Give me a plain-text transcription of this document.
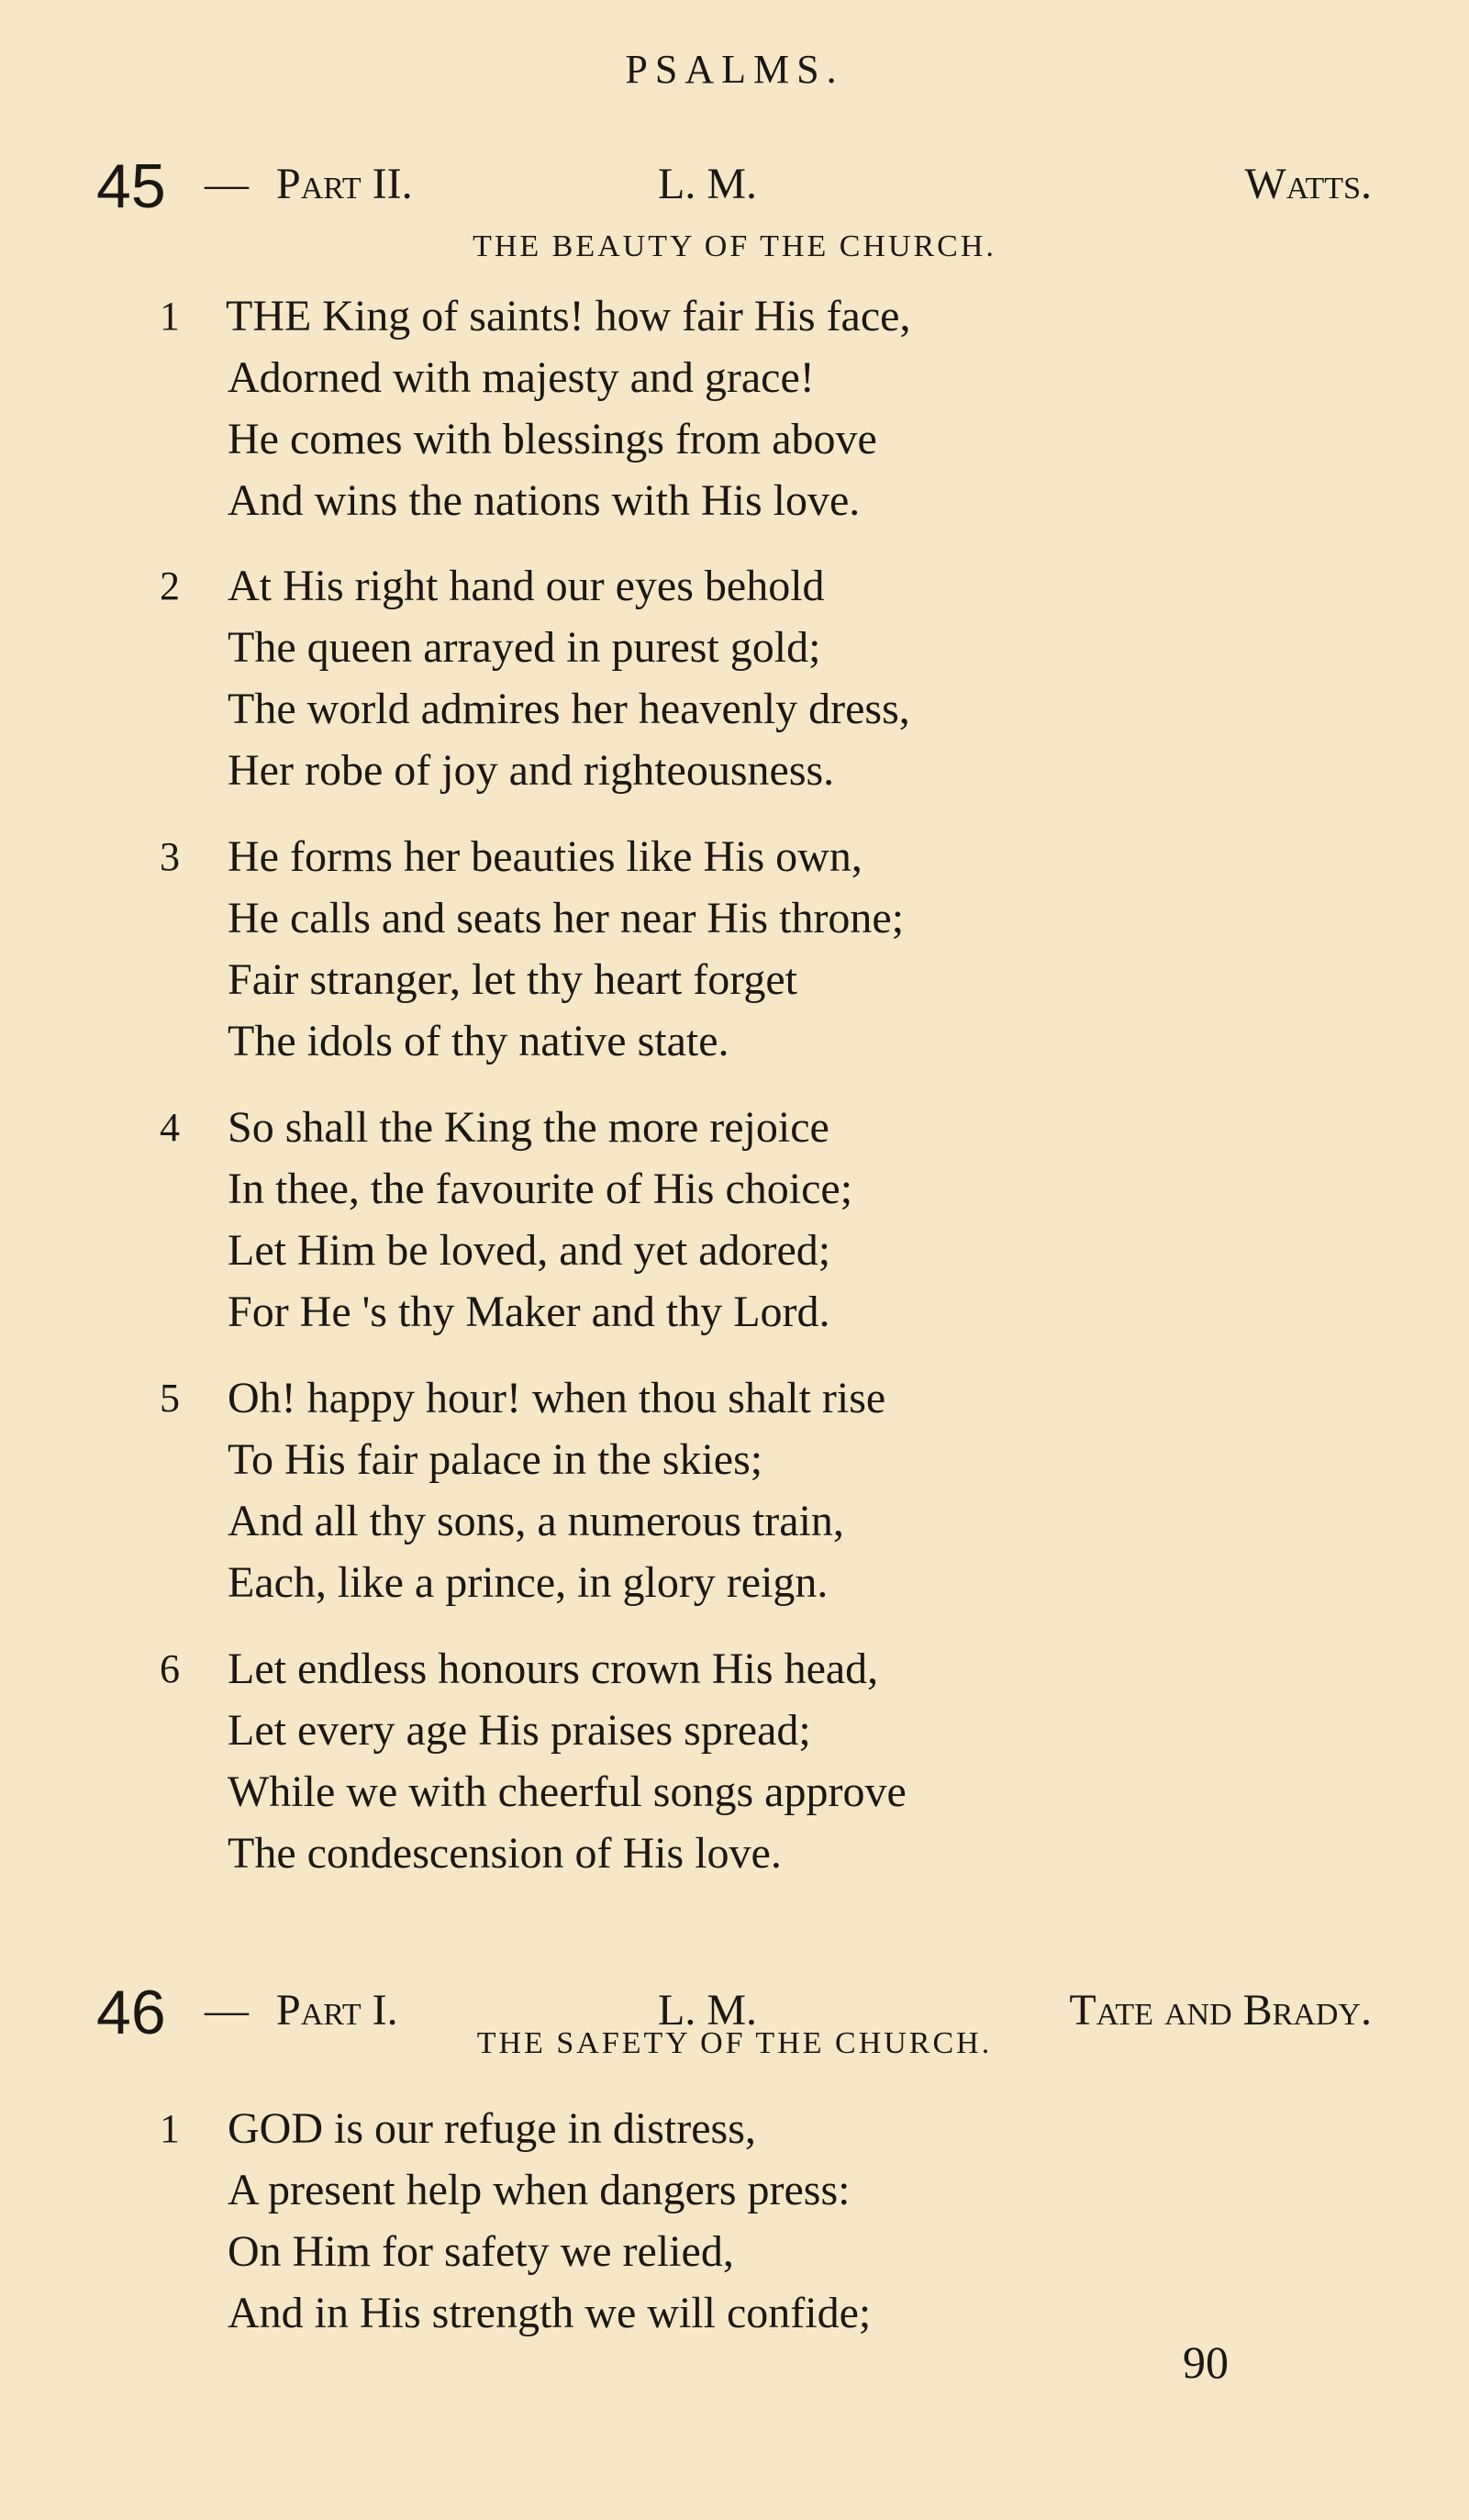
PSALMS.
45 — Part II.	L. M.	Watts.
THE BEAUTY OF THE CHURCH.
1 THE King of saints! how fair His face,
Adorned with majesty and grace!
He comes with blessings from above
And wins the nations with His love.
2 At His right hand our eyes behold
The queen arrayed in purest gold;
The world admires her heavenly dress,
Her robe of joy and righteousness.
3 He forms her beauties like His own,
He calls and seats her near His throne;
Fair stranger, let thy heart forget
The idols of thy native state.
4 So shall the King the more rejoice
In thee, the favourite of His choice;
Let Him be loved, and yet adored;
For He 's thy Maker and thy Lord.
5 Oh! happy hour! when thou shalt rise
To His fair palace in the skies;
And all thy sons, a numerous train,
Each, like a prince, in glory reign.
6 Let endless honours crown His head,
Let every age His praises spread;
While we with cheerful songs approve
The condescension of His love.
46 — Part I.	L. M.	Tate and Brady.
THE SAFETY OF THE CHURCH.
1 GOD is our refuge in distress,
A present help when dangers press:
On Him for safety we relied,
And in His strength we will confide;
90
